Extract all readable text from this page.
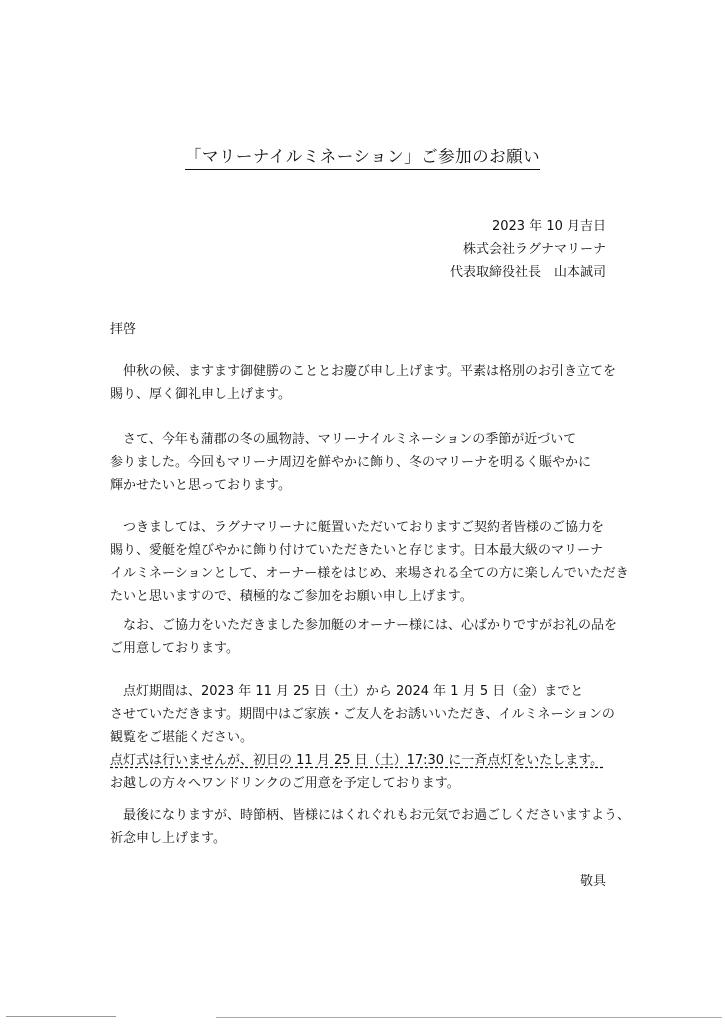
「マリーナイルミネーション」ご参加のお願い
2023 年 10 月吉日
株式会社ラグナマリーナ
代表取締役社長　山本誠司
拝啓

　仲秋の候、ますます御健勝のこととお慶び申し上げます。平素は格別のお引き立てを
賜り、厚く御礼申し上げます。

　さて、今年も蒲郡の冬の風物詩、マリーナイルミネーションの季節が近づいて
参りました。今回もマリーナ周辺を鮮やかに飾り、冬のマリーナを明るく賑やかに
輝かせたいと思っております。

　つきましては、ラグナマリーナに艇置いただいておりますご契約者皆様のご協力を
賜り、愛艇を煌びやかに飾り付けていただきたいと存じます。日本最大級のマリーナ
イルミネーションとして、オーナー様をはじめ、来場される全ての方に楽しんでいただき
たいと思いますので、積極的なご参加をお願い申し上げます。

　なお、ご協力をいただきました参加艇のオーナー様には、心ばかりですがお礼の品を
ご用意しております。

　点灯期間は、2023 年 11 月 25 日（土）から 2024 年 1 月 5 日（金）までと
させていただきます。期間中はご家族・ご友人をお誘いいただき、イルミネーションの
観覧をご堪能ください。
点灯式は行いませんが、初日の 11 月 25 日（土）17:30 に一斉点灯をいたします。
お越しの方々へワンドリンクのご用意を予定しております。

　最後になりますが、時節柄、皆様にはくれぐれもお元気でお過ごしくださいますよう、
祈念申し上げます。

敬具
